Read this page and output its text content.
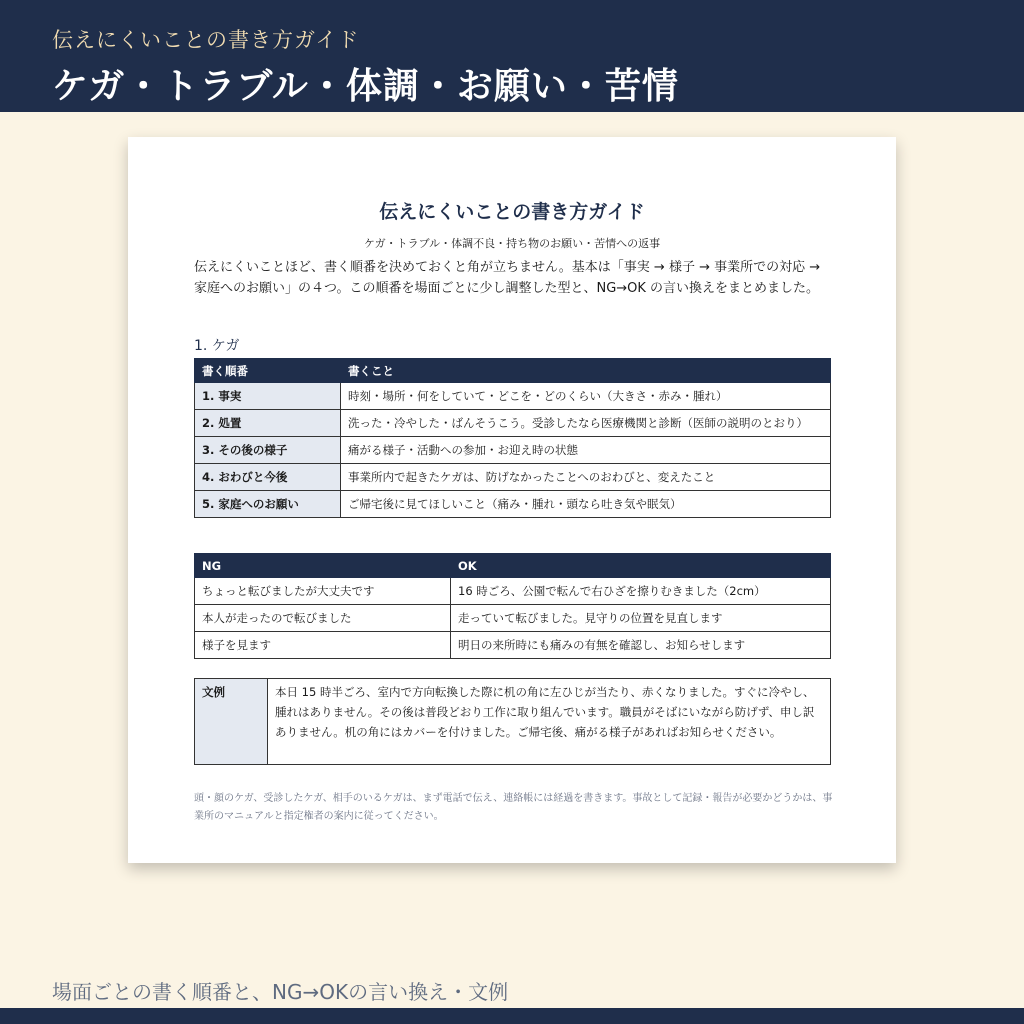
伝えにくいことの書き方ガイド
ケガ・トラブル・体調・お願い・苦情
伝えにくいことの書き方ガイド
ケガ・トラブル・体調不良・持ち物のお願い・苦情への返事
伝えにくいことほど、書く順番を決めておくと角が立ちません。基本は「事実 → 様子 → 事業所での対応 → 家庭へのお願い」の４つ。この順番を場面ごとに少し調整した型と、NG→OK の言い換えをまとめました。
1. ケガ
書く順番	書くこと
1. 事実	時刻・場所・何をしていて・どこを・どのくらい（大きさ・赤み・腫れ）
2. 処置	洗った・冷やした・ばんそうこう。受診したなら医療機関と診断（医師の説明のとおり）
3. その後の様子	痛がる様子・活動への参加・お迎え時の状態
4. おわびと今後	事業所内で起きたケガは、防げなかったことへのおわびと、変えたこと
5. 家庭へのお願い	ご帰宅後に見てほしいこと（痛み・腫れ・頭なら吐き気や眠気）
NG	OK
ちょっと転びましたが大丈夫です	16 時ごろ、公園で転んで右ひざを擦りむきました（2cm）
本人が走ったので転びました	走っていて転びました。見守りの位置を見直します
様子を見ます	明日の来所時にも痛みの有無を確認し、お知らせします
文例	本日 15 時半ごろ、室内で方向転換した際に机の角に左ひじが当たり、赤くなりました。すぐに冷やし、腫れはありません。その後は普段どおり工作に取り組んでいます。職員がそばにいながら防げず、申し訳ありません。机の角にはカバーを付けました。ご帰宅後、痛がる様子があればお知らせください。
頭・顔のケガ、受診したケガ、相手のいるケガは、まず電話で伝え、連絡帳には経過を書きます。事故として記録・報告が必要かどうかは、事業所のマニュアルと指定権者の案内に従ってください。
場面ごとの書く順番と、NG→OKの言い換え・文例
